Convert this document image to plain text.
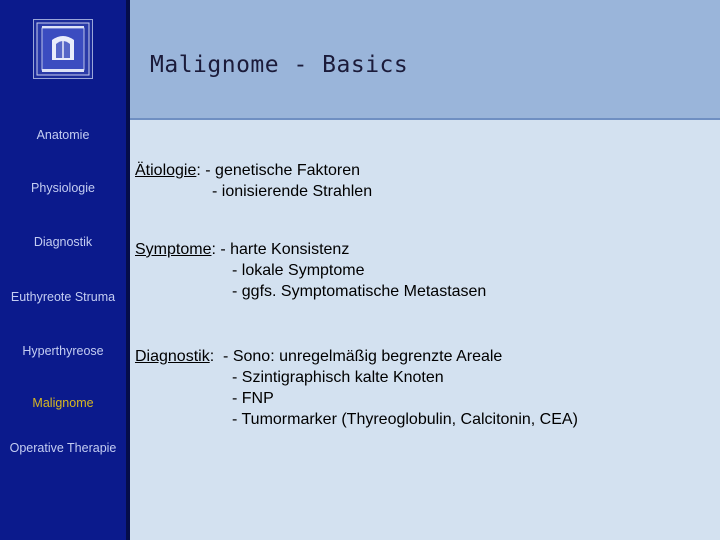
Malignome - Basics
Anatomie
Physiologie
Diagnostik
Euthyreote Struma
Hyperthyreose
Malignome
Operative Therapie
Ätiologie: - genetische Faktoren
- ionisierende Strahlen
Symptome: - harte Konsistenz
- lokale Symptome
- ggfs. Symptomatische Metastasen
Diagnostik:  - Sono: unregelmäßig begrenzte Areale
- Szintigraphisch kalte Knoten
- FNP
- Tumormarker (Thyreoglobulin, Calcitonin, CEA)
